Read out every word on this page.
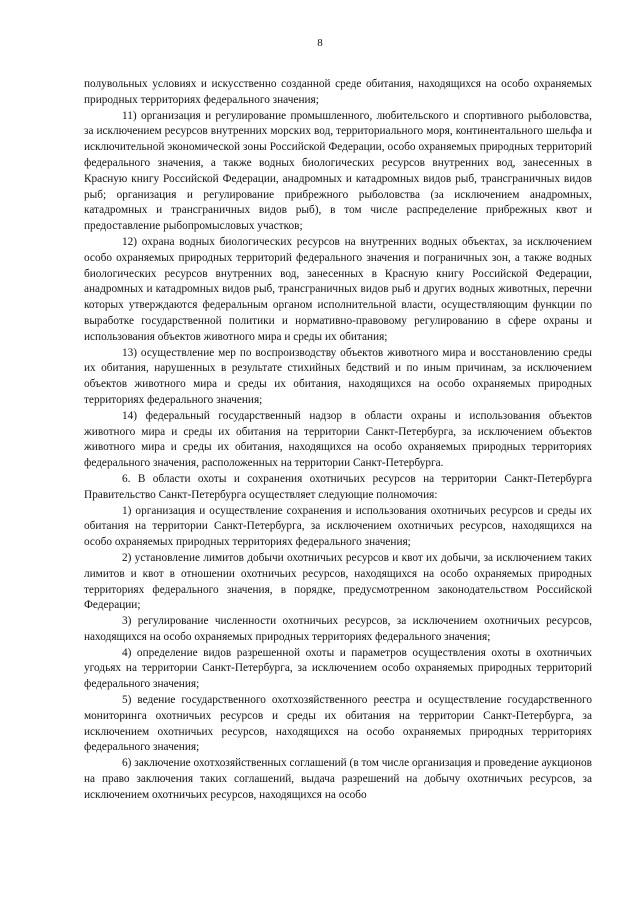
8

полувольных условиях и искусственно созданной среде обитания, находящихся на особо охраняемых природных территориях федерального значения;

11) организация и регулирование промышленного, любительского и спортивного рыболовства, за исключением ресурсов внутренних морских вод, территориального моря, континентального шельфа и исключительной экономической зоны Российской Федерации, особо охраняемых природных территорий федерального значения, а также водных биологических ресурсов внутренних вод, занесенных в Красную книгу Российской Федерации, анадромных и катадромных видов рыб, трансграничных видов рыб; организация и регулирование прибрежного рыболовства (за исключением анадромных, катадромных и трансграничных видов рыб), в том числе распределение прибрежных квот и предоставление рыбопромысловых участков;

12) охрана водных биологических ресурсов на внутренних водных объектах, за исключением особо охраняемых природных территорий федерального значения и пограничных зон, а также водных биологических ресурсов внутренних вод, занесенных в Красную книгу Российской Федерации, анадромных и катадромных видов рыб, трансграничных видов рыб и других водных животных, перечни которых утверждаются федеральным органом исполнительной власти, осуществляющим функции по выработке государственной политики и нормативно-правовому регулированию в сфере охраны и использования объектов животного мира и среды их обитания;

13) осуществление мер по воспроизводству объектов животного мира и восстановлению среды их обитания, нарушенных в результате стихийных бедствий и по иным причинам, за исключением объектов животного мира и среды их обитания, находящихся на особо охраняемых природных территориях федерального значения;

14) федеральный государственный надзор в области охраны и использования объектов животного мира и среды их обитания на территории Санкт-Петербурга, за исключением объектов животного мира и среды их обитания, находящихся на особо охраняемых природных территориях федерального значения, расположенных на территории Санкт-Петербурга.

6. В области охоты и сохранения охотничьих ресурсов на территории Санкт-Петербурга Правительство Санкт-Петербурга осуществляет следующие полномочия:

1) организация и осуществление сохранения и использования охотничьих ресурсов и среды их обитания на территории Санкт-Петербурга, за исключением охотничьих ресурсов, находящихся на особо охраняемых природных территориях федерального значения;

2) установление лимитов добычи охотничьих ресурсов и квот их добычи, за исключением таких лимитов и квот в отношении охотничьих ресурсов, находящихся на особо охраняемых природных территориях федерального значения, в порядке, предусмотренном законодательством Российской Федерации;

3) регулирование численности охотничьих ресурсов, за исключением охотничьих ресурсов, находящихся на особо охраняемых природных территориях федерального значения;

4) определение видов разрешенной охоты и параметров осуществления охоты в охотничьих угодьях на территории Санкт-Петербурга, за исключением особо охраняемых природных территорий федерального значения;

5) ведение государственного охотхозяйственного реестра и осуществление государственного мониторинга охотничьих ресурсов и среды их обитания на территории Санкт-Петербурга, за исключением охотничьих ресурсов, находящихся на особо охраняемых природных территориях федерального значения;

6) заключение охотхозяйственных соглашений (в том числе организация и проведение аукционов на право заключения таких соглашений, выдача разрешений на добычу охотничьих ресурсов, за исключением охотничьих ресурсов, находящихся на особо
